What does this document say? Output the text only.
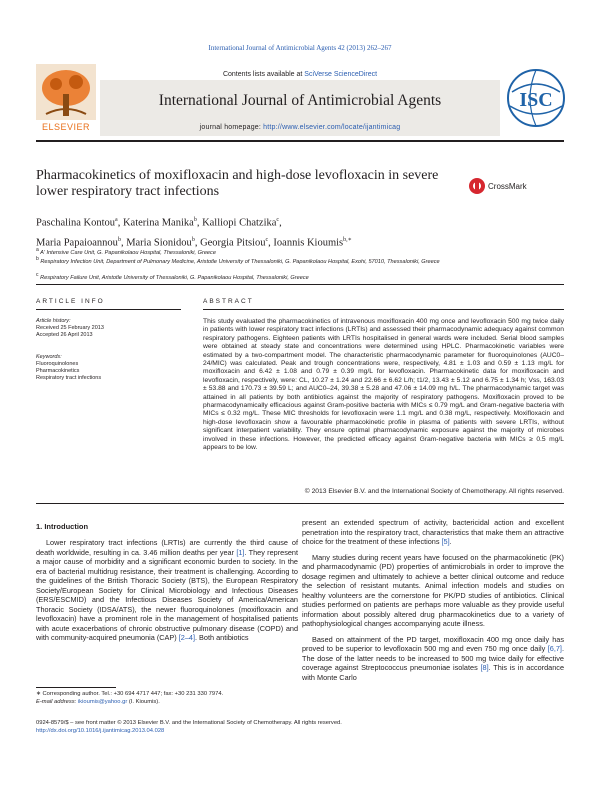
International Journal of Antimicrobial Agents 42 (2013) 262–267
ELSEVIER
Contents lists available at SciVerse ScienceDirect
International Journal of Antimicrobial Agents
journal homepage: http://www.elsevier.com/locate/ijantimicag
ISC
Pharmacokinetics of moxifloxacin and high-dose levofloxacin in severe lower respiratory tract infections	CrossMark
Paschalina Kontou$^a$, Katerina Manika$^b$, Kalliopi Chatzika$^c$,
Maria Papaioannou$^b$, Maria Sionidou$^b$, Georgia Pitsiou$^c$, Ioannis Kioumis$^{b,∗}$
$^a$ A' Intensive Care Unit, G. Papanikolaou Hospital, Thessaloniki, Greece
$^b$ Respiratory Infection Unit, Department of Pulmonary Medicine, Aristotle University of Thessaloniki, G. Papanikolaou Hospital, Exohi, 57010, Thessaloniki, Greece
$^c$ Respiratory Failure Unit, Aristotle University of Thessaloniki, G. Papanikolaou Hospital, Thessaloniki, Greece
ARTICLE INFO	ABSTRACT
Article history:
Received 25 February 2013
Accepted 26 April 2013
Keywords:
Fluoroquinolones
Pharmacokinetics
Respiratory tract infections
This study evaluated the pharmacokinetics of intravenous moxifloxacin 400 mg once and levofloxacin 500 mg twice daily in patients with lower respiratory tract infections (LRTIs) and assessed their pharmacodynamic adequacy against common respiratory pathogens. Eighteen patients with LRTIs hospitalised in general wards were included. Serial blood samples were obtained at steady state and concentrations were determined using HPLC. Pharmacokinetic variables were estimated by a two-compartment model. The characteristic pharmacodynamic parameter for fluoroquinolones (AUC0–24/MIC) was calculated. Peak and trough concentrations were, respectively, 4.81 ± 1.03 and 0.59 ± 1.13 mg/L for moxifloxacin and 6.42 ± 1.08 and 0.79 ± 0.39 mg/L for levofloxacin. Pharmacokinetic data for moxifloxacin and levofloxacin, respectively, were: CL, 10.27 ± 1.24 and 22.66 ± 6.62 L/h; t1/2, 13.43 ± 5.12 and 6.75 ± 1.34 h; Vss, 163.03 ± 53.88 and 170.73 ± 39.59 L; and AUC0–24, 39.38 ± 5.28 and 47.06 ± 14.09 mg h/L. The pharmacodynamic target was attained in all patients by both antibiotics against the majority of respiratory pathogens. Moxifloxacin proved to be pharmacodynamically efficacious against Gram-positive bacteria with MICs ≤ 0.79 mg/L and Gram-negative bacteria with MICs ≤ 0.32 mg/L. These MIC thresholds for levofloxacin were 1.1 mg/L and 0.38 mg/L, respectively. Moxifloxacin and high-dose levofloxacin show a favourable pharmacokinetic profile in plasma of patients with severe LRTIs, without significant interpatient variability. They ensure optimal pharmacodynamic exposure against the majority of microbes involved in these infections. However, the predicted efficacy against Gram-negative bacteria with MICs ≥ 0.5 mg/L appears to be low.
© 2013 Elsevier B.V. and the International Society of Chemotherapy. All rights reserved.
1. Introduction

Lower respiratory tract infections (LRTIs) are currently the third cause of death worldwide, resulting in ca. 3.46 million deaths per year [1]. They represent a major cause of morbidity and a significant economic burden to society. In the era of bacterial multidrug resistance, their treatment is challenging. According to the guidelines of the British Thoracic Society (BTS), the European Respiratory Society/European Society for Clinical Microbiology and Infectious Diseases (ERS/ESCMID) and the Infectious Diseases Society of America/American Thoracic Society (IDSA/ATS), the newer fluoroquinolones (moxifloxacin and levofloxacin) have a prominent role in the management of hospitalised patients with acute exacerbations of chronic obstructive pulmonary disease (COPD) and with community-acquired pneumonia (CAP) [2–4]. Both antibiotics

present an extended spectrum of activity, bactericidal action and excellent penetration into the respiratory tract, characteristics that make them an attractive choice for the treatment of these infections [5].

Many studies during recent years have focused on the pharmacokinetic (PK) and pharmacodynamic (PD) properties of antimicrobials in order to improve the dosage regimen and ultimately to achieve a better clinical outcome and reduce the selection of resistant mutants. Animal infection models and studies on healthy volunteers are the cornerstone for PK/PD studies of antibiotics. Clinical studies performed on patients are perhaps more valuable as they provide useful information about possibly altered drug pharmacokinetics due to a variety of pathophysiological changes accompanying acute illness.

Based on attainment of the PD target, moxifloxacin 400 mg once daily has proved to be superior to levofloxacin 500 mg and even 750 mg once daily [6,7]. The dose of the latter needs to be increased to 500 mg twice daily for effective coverage against Streptococcus pneumoniae isolates [8]. This is in accordance with Monte Carlo

∗ Corresponding author. Tel.: +30 694 4717 447; fax: +30 231 330 7974.
E-mail address: ikioumis@yahoo.gr (I. Kioumis).
0924-8579/$ – see front matter © 2013 Elsevier B.V. and the International Society of Chemotherapy. All rights reserved.
http://dx.doi.org/10.1016/j.ijantimicag.2013.04.028
